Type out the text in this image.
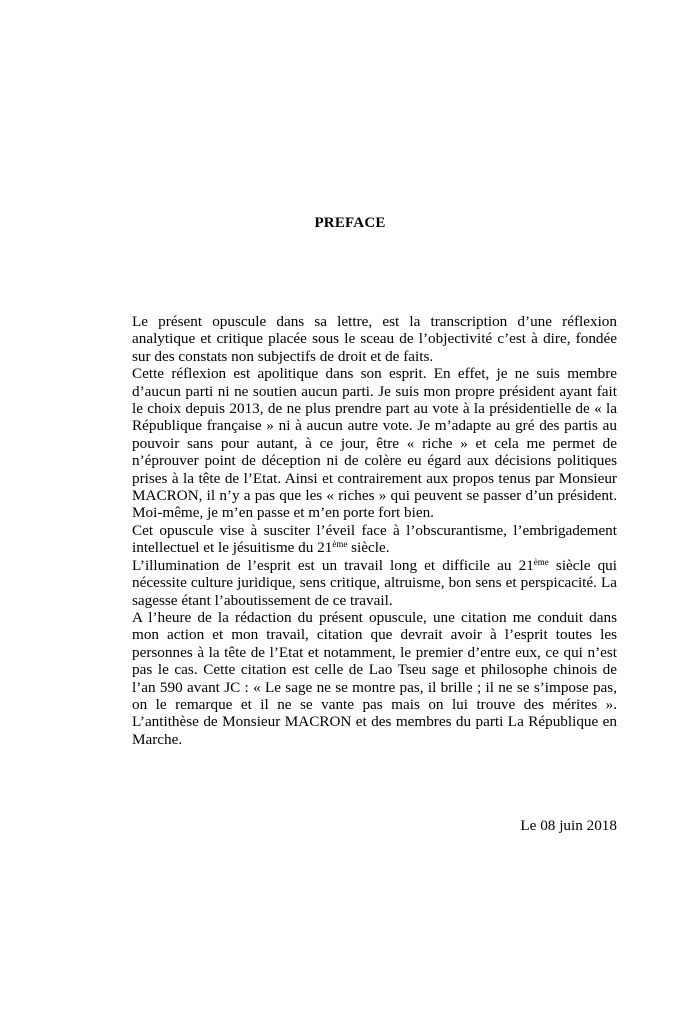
PREFACE

Le présent opuscule dans sa lettre, est la transcription d’une réflexion analytique et critique placée sous le sceau de l’objectivité c’est à dire, fondée sur des constats non subjectifs de droit et de faits.

Cette réflexion est apolitique dans son esprit. En effet, je ne suis membre d’aucun parti ni ne soutien aucun parti. Je suis mon propre président ayant fait le choix depuis 2013, de ne plus prendre part au vote à la présidentielle de « la République française » ni à aucun autre vote. Je m’adapte au gré des partis au pouvoir sans pour autant, à ce jour, être « riche » et cela me permet de n’éprouver point de déception ni de colère eu égard aux décisions politiques prises à la tête de l’Etat. Ainsi et contrairement aux propos tenus par Monsieur MACRON, il n’y a pas que les « riches » qui peuvent se passer d’un président. Moi-même, je m’en passe et m’en porte fort bien.

Cet opuscule vise à susciter l’éveil face à l’obscurantisme, l’embrigadement intellectuel et le jésuitisme du 21ème siècle.

L’illumination de l’esprit est un travail long et difficile au 21ème siècle qui nécessite culture juridique, sens critique, altruisme, bon sens et perspicacité. La sagesse étant l’aboutissement de ce travail.

A l’heure de la rédaction du présent opuscule, une citation me conduit dans mon action et mon travail, citation que devrait avoir à l’esprit toutes les personnes à la tête de l’Etat et notamment, le premier d’entre eux, ce qui n’est pas le cas. Cette citation est celle de Lao Tseu sage et philosophe chinois de l’an 590 avant JC : « Le sage ne se montre pas, il brille ; il ne se s’impose pas, on le remarque et il ne se vante pas mais on lui trouve des mérites ». L’antithèse de Monsieur MACRON et des membres du parti La République en Marche.

Le 08 juin 2018
